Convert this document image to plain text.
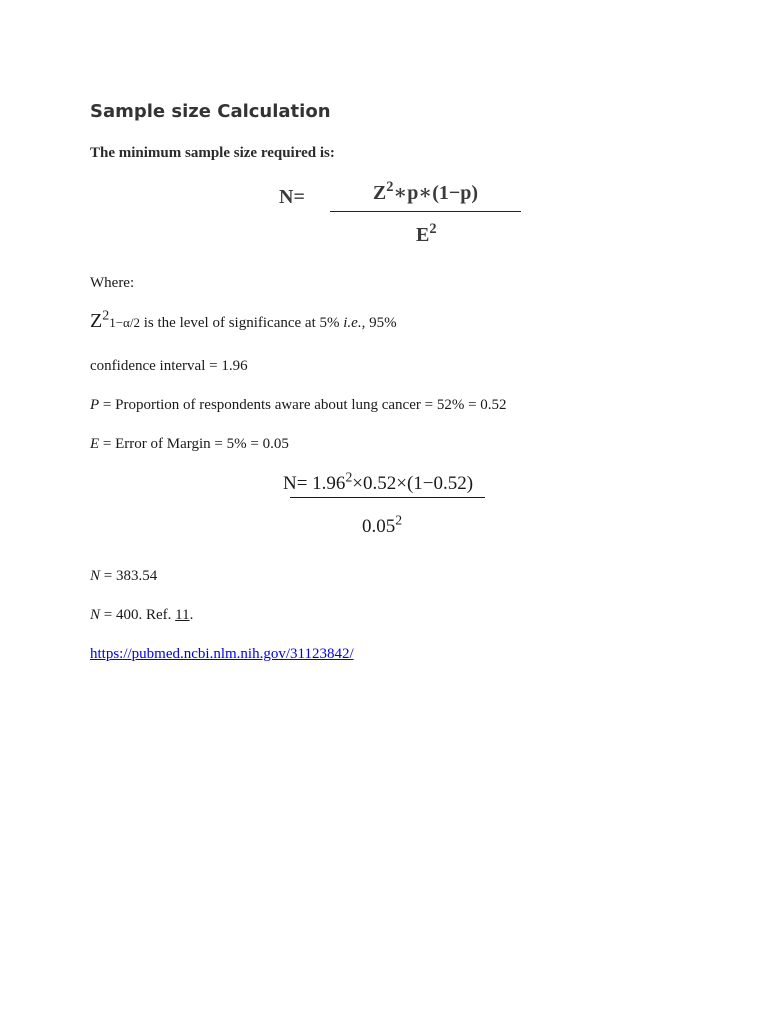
Sample size Calculation
The minimum sample size required is:
N=	$Z^2∗p∗(1-p)$
$E^2$
Where:
$Z^21-\alpha/2$ is the level of significance at 5% i.e., 95%
confidence interval = 1.96
P = Proportion of respondents aware about lung cancer = 52% = 0.52
E = Error of Margin = 5% = 0.05
$N= 1.96^2\times 0.52\times(1-0.52)$
0.05$^2$
N = 383.54
N = 400. Ref. 11.
https://pubmed.ncbi.nlm.nih.gov/31123842/
